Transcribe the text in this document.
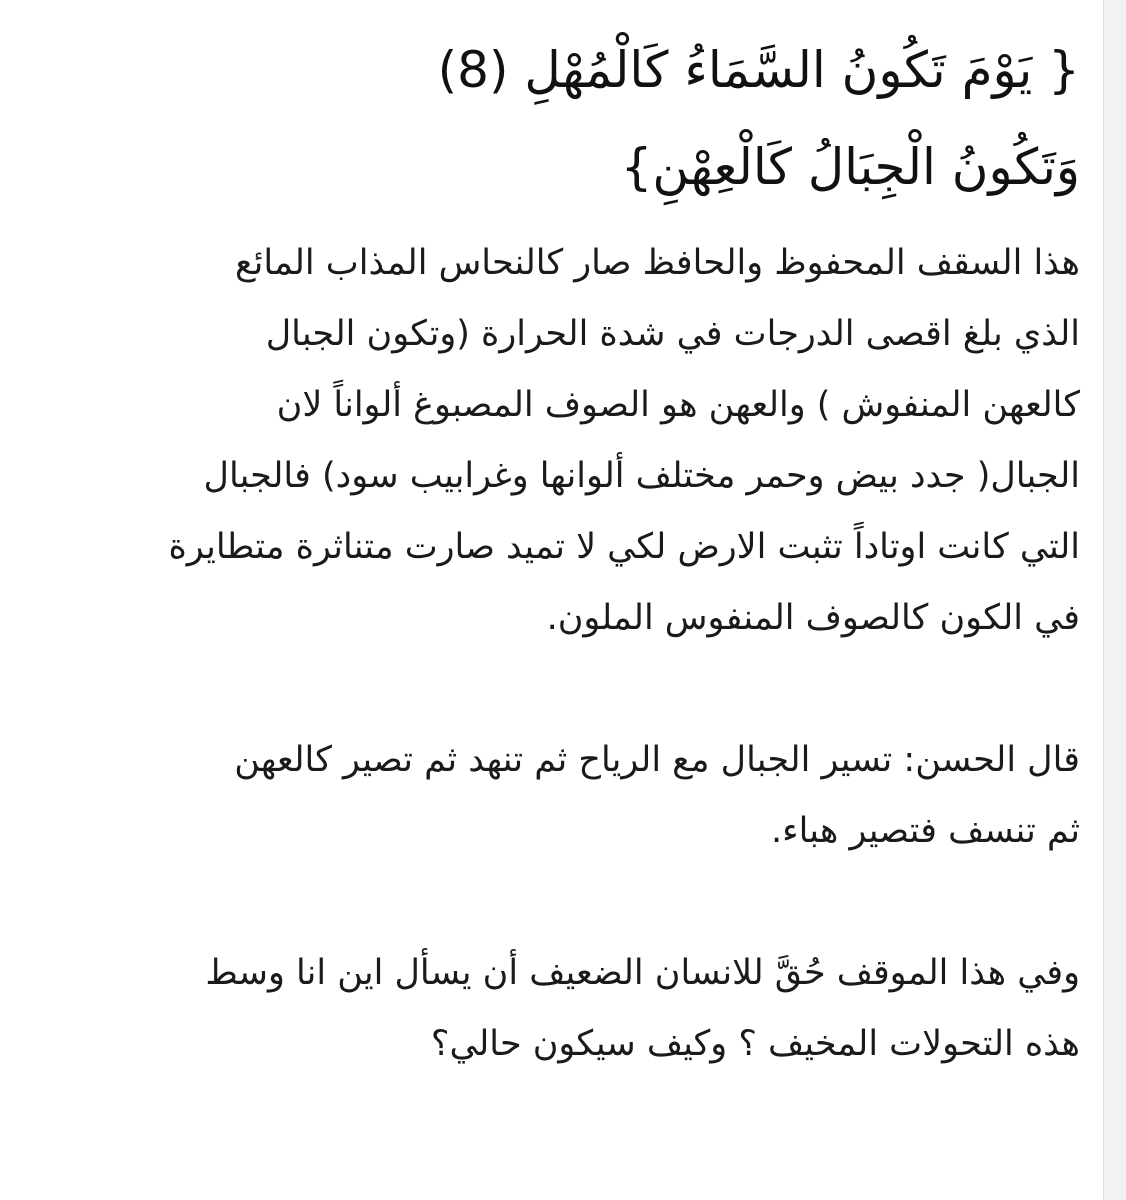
{ يَوْمَ تَكُونُ السَّمَاءُ كَالْمُهْلِ (8)
وَتَكُونُ الْجِبَالُ كَالْعِهْنِ}

هذا السقف المحفوظ والحافظ صار كالنحاس المذاب المائع
الذي بلغ اقصى الدرجات في شدة الحرارة (وتكون الجبال
كالعهن المنفوش ) والعهن هو الصوف المصبوغ ألواناً لان
الجبال( جدد بيض وحمر مختلف ألوانها وغرابيب سود) فالجبال
التي كانت اوتاداً تثبت الارض لكي لا تميد صارت متناثرة متطايرة
في الكون كالصوف المنفوس الملون.

قال الحسن: تسير الجبال مع الرياح ثم تنهد ثم تصير كالعهن
ثم تنسف فتصير هباء.

وفي هذا الموقف حُقَّ للانسان الضعيف أن يسأل اين انا وسط
هذه التحولات المخيف ؟ وكيف سيكون حالي؟
